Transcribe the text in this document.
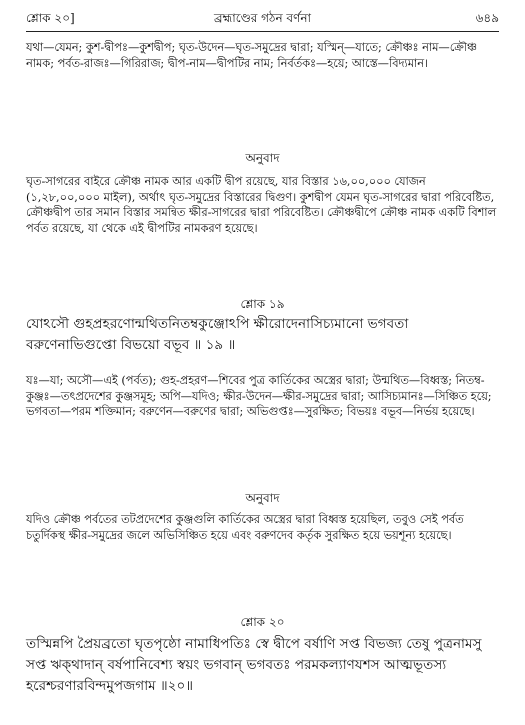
শ্লোক ২০]	ব্রহ্মাণ্ডের গঠন বর্ণনা	৬৪৯
যথা—যেমন; কুশ-দ্বীপঃ—কুশদ্বীপ; ঘৃত-উদেন—ঘৃত-সমুদ্রের দ্বারা; যস্মিন্—যাতে; ক্রৌঞ্চঃ নাম—ক্রৌঞ্চ নামক; পর্বত-রাজঃ—গিরিরাজ; দ্বীপ-নাম—দ্বীপটির নাম; নির্বর্তকঃ—হয়ে; আস্তে—বিদ্যমান।
অনুবাদ
ঘৃত-সাগরের বাইরে ক্রৌঞ্চ নামক আর একটি দ্বীপ রয়েছে, যার বিস্তার ১৬,০০,০০০ যোজন (১,২৮,০০,০০০ মাইল), অর্থাৎ ঘৃত-সমুদ্রের বিস্তারের দ্বিগুণ। কুশদ্বীপ যেমন ঘৃত-সাগরের দ্বারা পরিবেষ্টিত, ক্রৌঞ্চদ্বীপ তার সমান বিস্তার সমন্বিত ক্ষীর-সাগরের দ্বারা পরিবেষ্টিত। ক্রৌঞ্চদ্বীপে ক্রৌঞ্চ নামক একটি বিশাল পর্বত রয়েছে, যা থেকে এই দ্বীপটির নামকরণ হয়েছে।
শ্লোক ১৯
যোঽসৌ গুহপ্রহরণোন্মথিতনিতম্বকুঞ্জোঽপি ক্ষীরোদেনাসিচ্যমানো ভগবতা বরুণেনাভিগুপ্তো বিভয়ো বভূব ॥ ১৯ ॥
যঃ—যা; অসৌ—এই (পর্বত); গুহ-প্রহরণ—শিবের পুত্র কার্তিকের অস্ত্রের দ্বারা; উন্মথিত—বিধ্বস্ত; নিতম্ব-কুঞ্জঃ—তৎপ্রদেশের কুঞ্জসমূহ; অপি—যদিও; ক্ষীর-উদেন—ক্ষীর-সমুদ্রের দ্বারা; আসিচ্যমানঃ—সিঞ্চিত হয়ে; ভগবতা—পরম শক্তিমান; বরুণেন—বরুণের দ্বারা; অভিগুপ্তঃ—সুরক্ষিত; বিভয়ঃ বভূব—নির্ভয় হয়েছে।
অনুবাদ
যদিও ক্রৌঞ্চ পর্বতের তটপ্রদেশের কুঞ্জগুলি কার্তিকের অস্ত্রের দ্বারা বিধ্বস্ত হয়েছিল, তবুও সেই পর্বত চতুর্দিকস্থ ক্ষীর-সমুদ্রের জলে অভিসিঞ্চিত হয়ে এবং বরুণদেব কর্তৃক সুরক্ষিত হয়ে ভয়শূন্য হয়েছে।
শ্লোক ২০
তস্মিন্নপি প্রৈয়ব্রতো ঘৃতপৃষ্ঠো নামাধিপতিঃ স্বে দ্বীপে বর্ষাণি সপ্ত বিভজ্য তেষু পুত্রনামসু সপ্ত ঋক্থাদান্ বর্ষপানিবেশ্য স্বয়ং ভগবান্ ভগবতঃ পরমকল্যাণযশস আত্মভূতস্য হরেশ্চরণারবিন্দমুপজগাম ॥২০॥
